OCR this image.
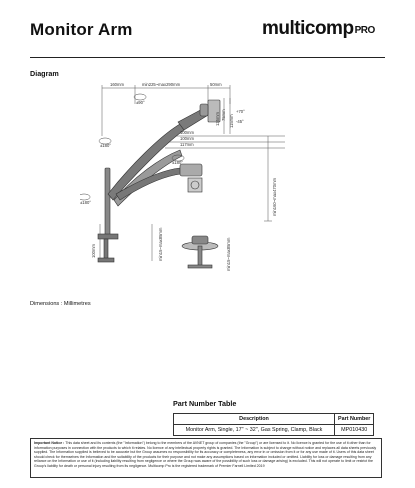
Monitor Arm	multicompPRO
Diagram
160mm	min225~max290mm	50mm
±90°
+70°
-45°
±180°
±180°
±180°
100mm
100mm
117mm
135mm 75mm 115mm
min160~max470mm
100mm	min15~max85mm	min15~max85mm
Dimensions : Millimetres
Part Number Table
Description	Part Number
Monitor Arm, Single, 17" ~ 32", Gas Spring, Clamp, Black	MP010430
Important Notice : This data sheet and its contents (the "Information") belong to the members of the AVNET group of companies (the "Group") or are licensed to it. No licence is granted for the use of it other than for information purposes in connection with the products to which it relates. No licence of any intellectual property rights is granted. The Information is subject to change without notice and replaces all data sheets previously supplied. The Information supplied is believed to be accurate but the Group assumes no responsibility for its accuracy or completeness, any error in or omission from it or for any use made of it. Users of this data sheet should check for themselves the Information and the suitability of the products for their purpose and not make any assumptions based on information included or omitted. Liability for loss or damage resulting from any reliance on the Information or use of it (including liability resulting from negligence or where the Group was aware of the possibility of such loss or damage arising) is excluded. This will not operate to limit or restrict the Group's liability for death or personal injury resulting from its negligence. Multicomp Pro is the registered trademark of Premier Farnell Limited 2019
